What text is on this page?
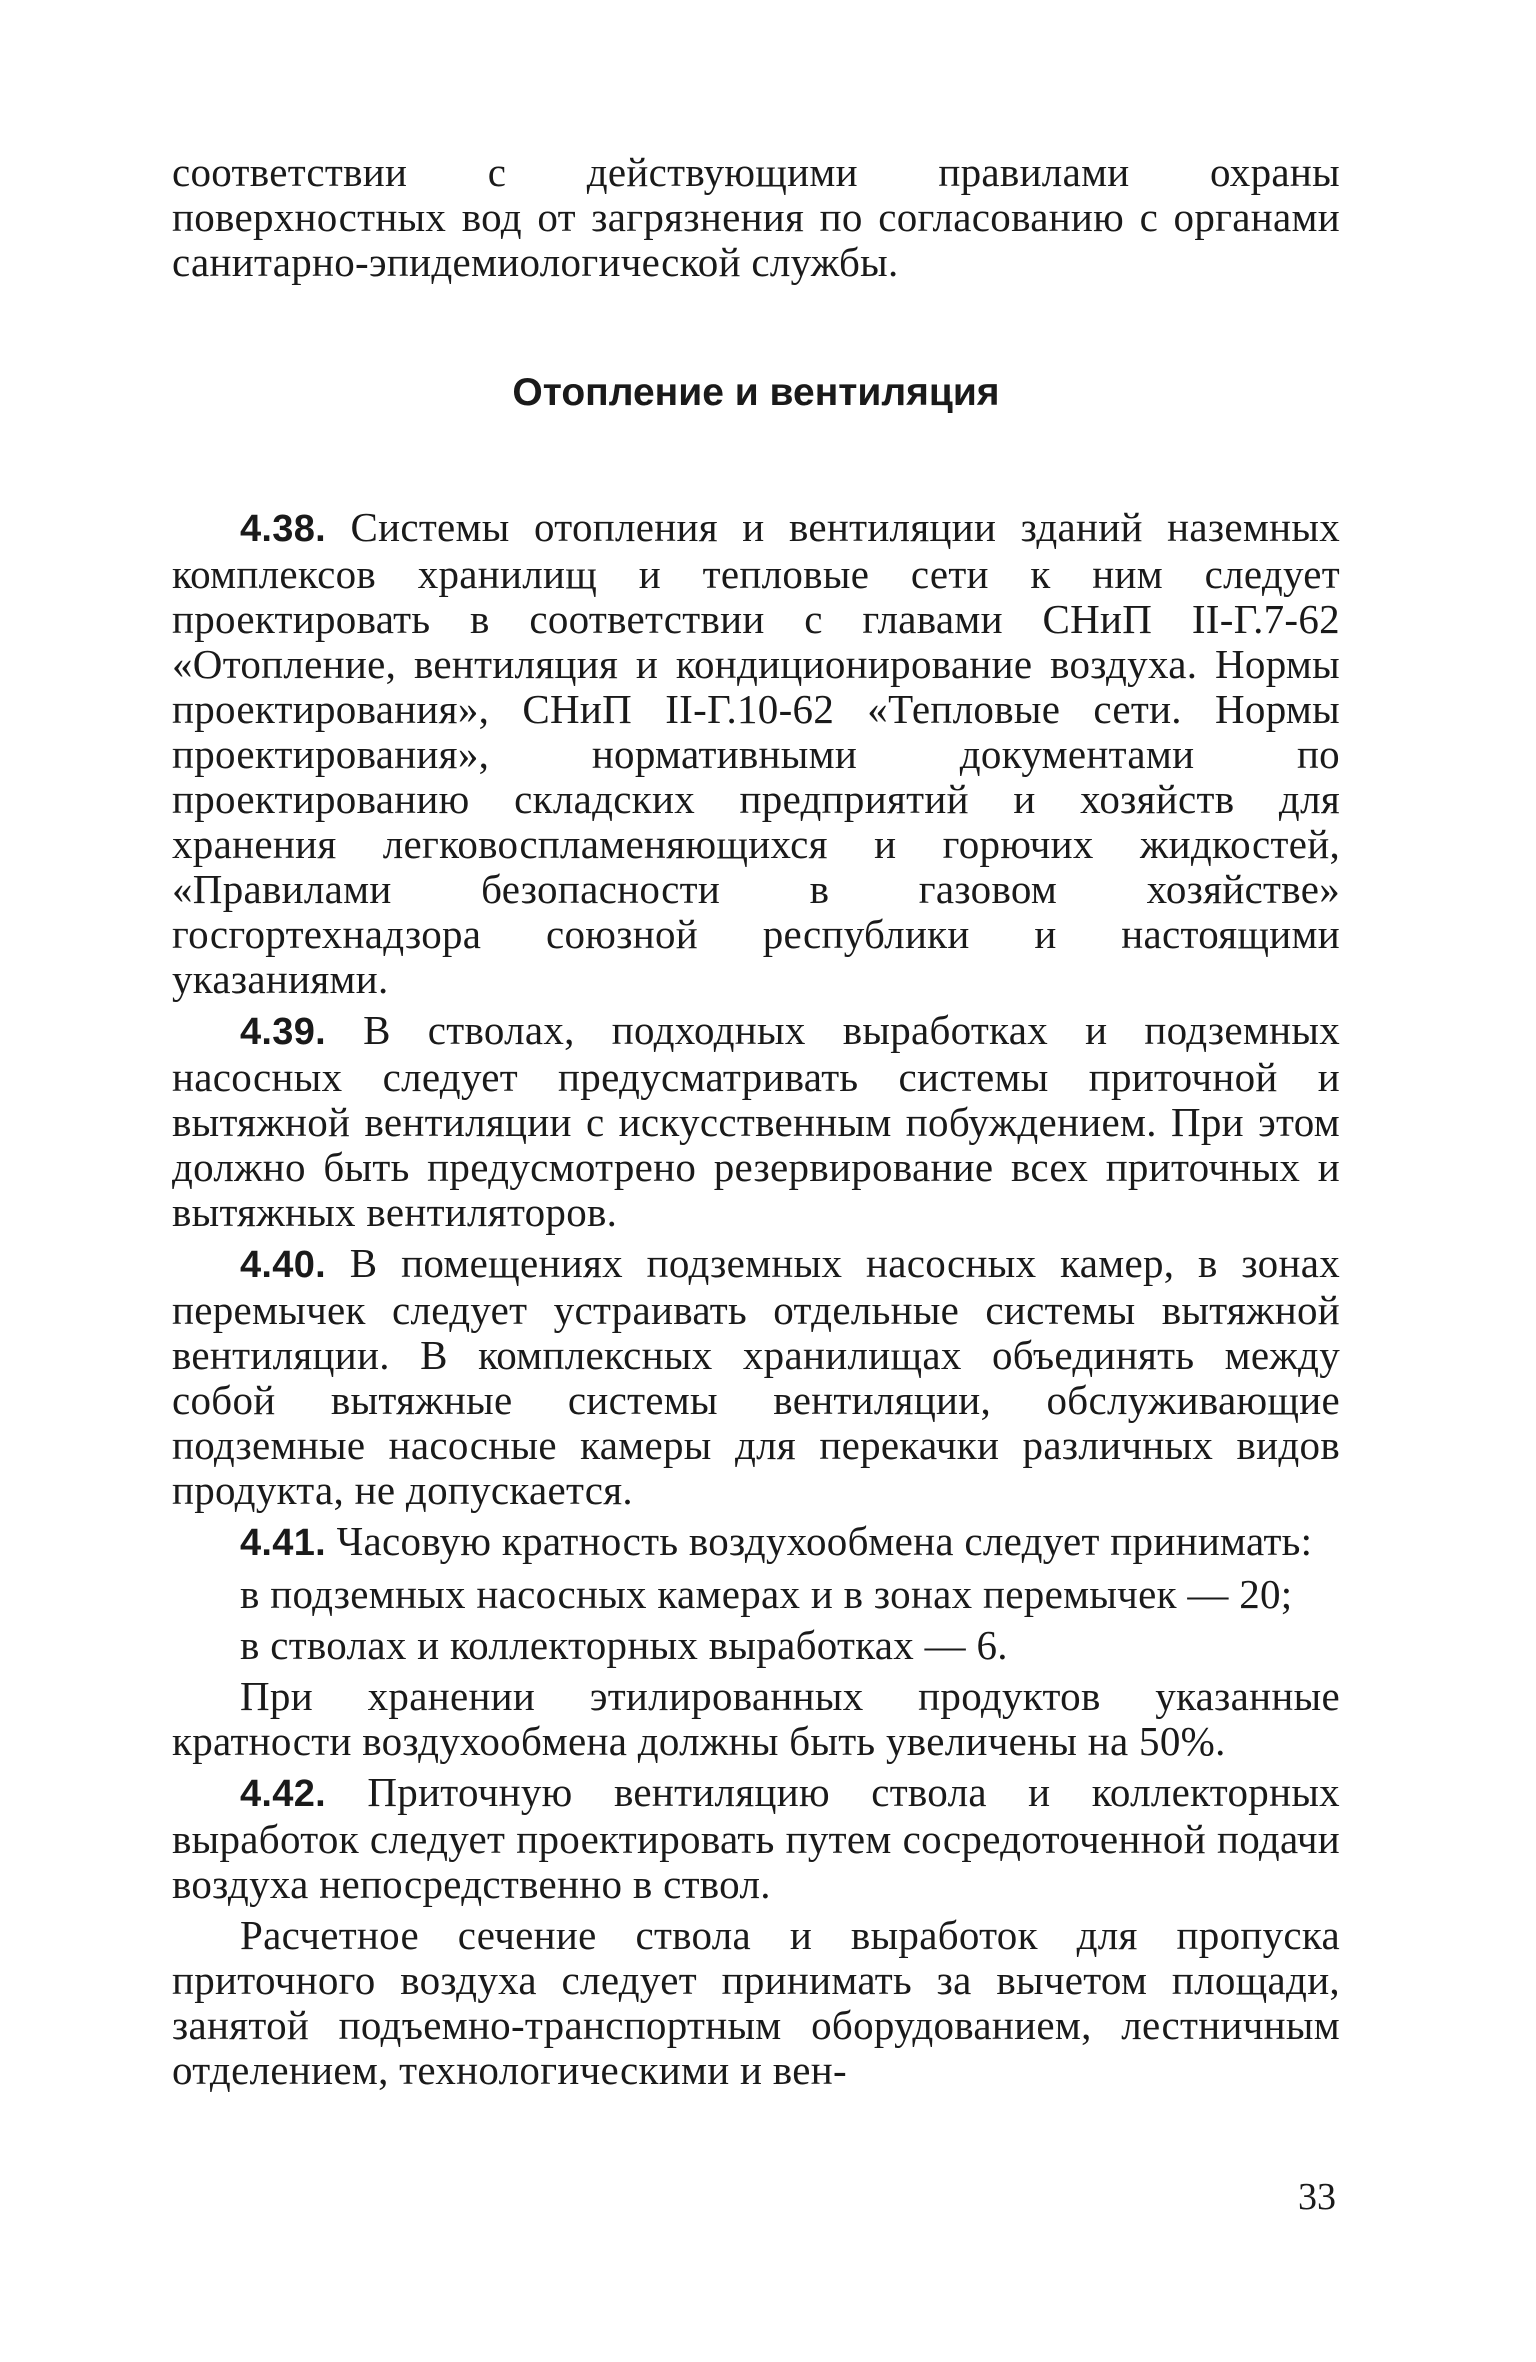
соответствии с действующими правилами охраны поверхностных вод от загрязнения по согласованию с органами санитарно-эпидемиологической службы.

Отопление и вентиляция

4.38. Системы отопления и вентиляции зданий наземных комплексов хранилищ и тепловые сети к ним следует проектировать в соответствии с главами СНиП II-Г.7-62 «Отопление, вентиляция и кондиционирование воздуха. Нормы проектирования», СНиП II-Г.10-62 «Тепловые сети. Нормы проектирования», нормативными документами по проектированию складских предприятий и хозяйств для хранения легковоспламеняющихся и горючих жидкостей, «Правилами безопасности в газовом хозяйстве» госгортехнадзора союзной республики и настоящими указаниями.

4.39. В стволах, подходных выработках и подземных насосных следует предусматривать системы приточной и вытяжной вентиляции с искусственным побуждением. При этом должно быть предусмотрено резервирование всех приточных и вытяжных вентиляторов.

4.40. В помещениях подземных насосных камер, в зонах перемычек следует устраивать отдельные системы вытяжной вентиляции. В комплексных хранилищах объединять между собой вытяжные системы вентиляции, обслуживающие подземные насосные камеры для перекачки различных видов продукта, не допускается.

4.41. Часовую кратность воздухообмена следует принимать:

в подземных насосных камерах и в зонах перемычек — 20;

в стволах и коллекторных выработках — 6.

При хранении этилированных продуктов указанные кратности воздухообмена должны быть увеличены на 50%.

4.42. Приточную вентиляцию ствола и коллекторных выработок следует проектировать путем сосредоточенной подачи воздуха непосредственно в ствол.

Расчетное сечение ствола и выработок для пропуска приточного воздуха следует принимать за вычетом площади, занятой подъемно-транспортным оборудованием, лестничным отделением, технологическими и вен-

33
